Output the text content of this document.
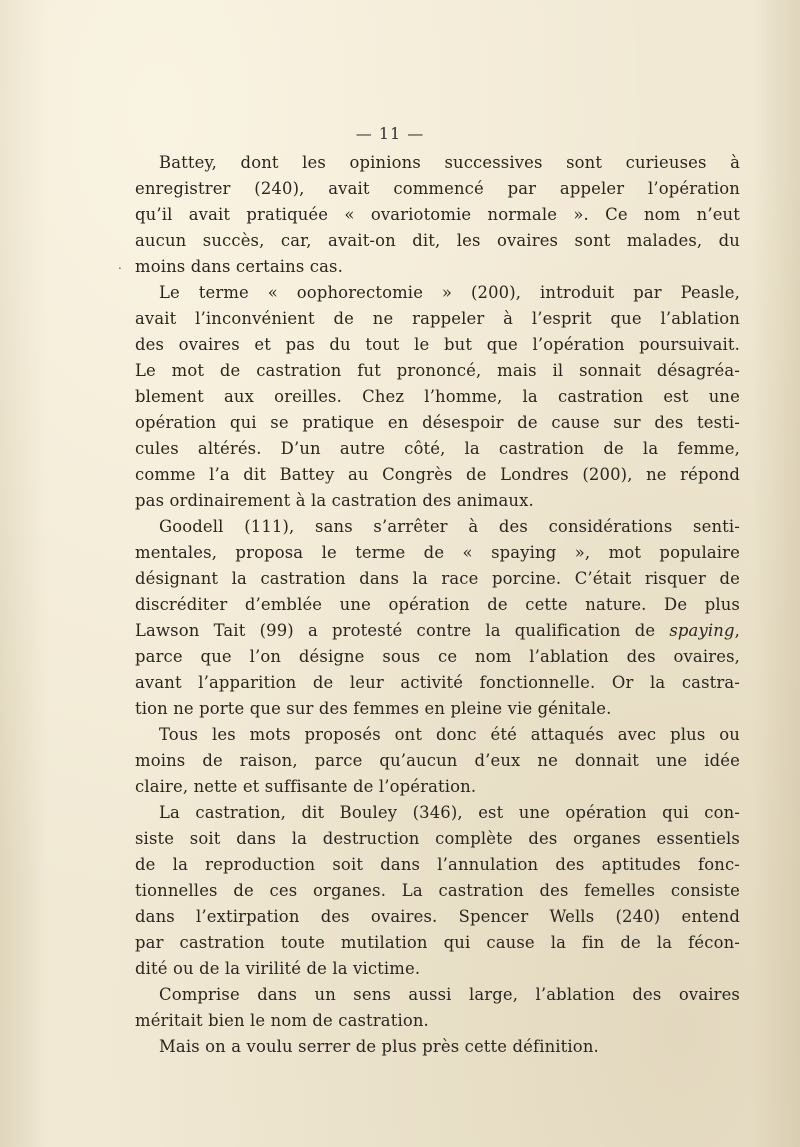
— 11 —
.
Battey, dont les opinions successives sont curieuses à
enregistrer (240), avait commencé par appeler l’opération
qu’il avait pratiquée « ovariotomie normale ». Ce nom n’eut
aucun succès, car, avait-on dit, les ovaires sont malades, du
moins dans certains cas.
Le terme « oophorectomie » (200), introduit par Peasle,
avait l’inconvénient de ne rappeler à l’esprit que l’ablation
des ovaires et pas du tout le but que l’opération poursuivait.
Le mot de castration fut prononcé, mais il sonnait désagréa-
blement aux oreilles. Chez l’homme, la castration est une
opération qui se pratique en désespoir de cause sur des testi-
cules altérés. D’un autre côté, la castration de la femme,
comme l’a dit Battey au Congrès de Londres (200), ne répond
pas ordinairement à la castration des animaux.
Goodell (111), sans s’arrêter à des considérations senti-
mentales, proposa le terme de « spaying », mot populaire
désignant la castration dans la race porcine. C’était risquer de
discréditer d’emblée une opération de cette nature. De plus
Lawson Tait (99) a protesté contre la qualification de spaying,
parce que l’on désigne sous ce nom l’ablation des ovaires,
avant l’apparition de leur activité fonctionnelle. Or la castra-
tion ne porte que sur des femmes en pleine vie génitale.
Tous les mots proposés ont donc été attaqués avec plus ou
moins de raison, parce qu’aucun d’eux ne donnait une idée
claire, nette et suffisante de l’opération.
La castration, dit Bouley (346), est une opération qui con-
siste soit dans la destruction complète des organes essentiels
de la reproduction soit dans l’annulation des aptitudes fonc-
tionnelles de ces organes. La castration des femelles consiste
dans l’extirpation des ovaires. Spencer Wells (240) entend
par castration toute mutilation qui cause la fin de la fécon-
dité ou de la virilité de la victime.
Comprise dans un sens aussi large, l’ablation des ovaires
méritait bien le nom de castration.
Mais on a voulu serrer de plus près cette définition.
